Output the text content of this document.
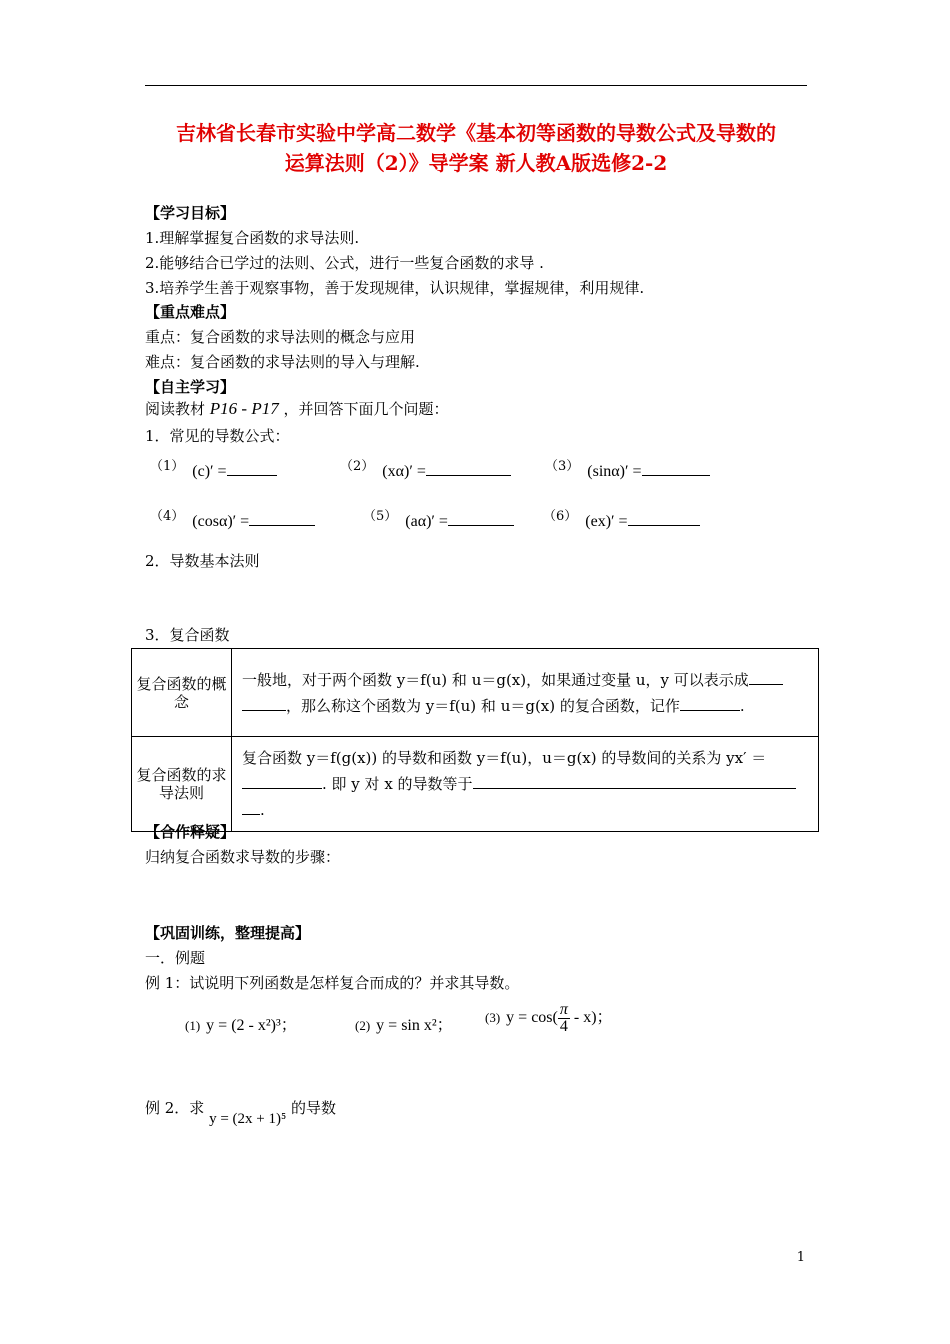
吉林省长春市实验中学高二数学《基本初等函数的导数公式及导数的
运算法则（2）》导学案 新人教A版选修2-2
【学习目标】
1.理解掌握复合函数的求导法则.
2.能够结合已学过的法则、公式，进行一些复合函数的求导 .
3.培养学生善于观察事物，善于发现规律，认识规律，掌握规律，利用规律.
【重点难点】
重点：复合函数的求导法则的概念与应用
难点：复合函数的求导法则的导入与理解.
【自主学习】
阅读教材 P16 - P17 ，并回答下面几个问题：
1．常见的导数公式：
（1） (c)′ =	（2） (xα)′ =	（3） (sinα)′ =
（4） (cosα)′ =	（5） (aα)′ =	（6） (ex)′ =
2．导数基本法则
3．复合函数
复合函数的概念	一般地，对于两个函数 y＝f(u) 和 u＝g(x)，如果通过变量 u，y 可以表示成
，那么称这个函数为 y＝f(u) 和 u＝g(x) 的复合函数，记作 .
复合函数的求导法则	复合函数 y＝f(g(x)) 的导数和函数 y＝f(u)，u＝g(x) 的导数间的关系为 yx′ ＝
. 即 y 对 x 的导数等于
.
【合作释疑】
归纳复合函数求导数的步骤：
【巩固训练，整理提高】
一．例题
例 1：试说明下列函数是怎样复合而成的？并求其导数。
(1) y = (2 - x²)³；	(2) y = sin x²； (3) $y = \cos( \frac{\pi}{4} - x)$；
例 2．求 y = (2x + 1)⁵ 的导数
1
